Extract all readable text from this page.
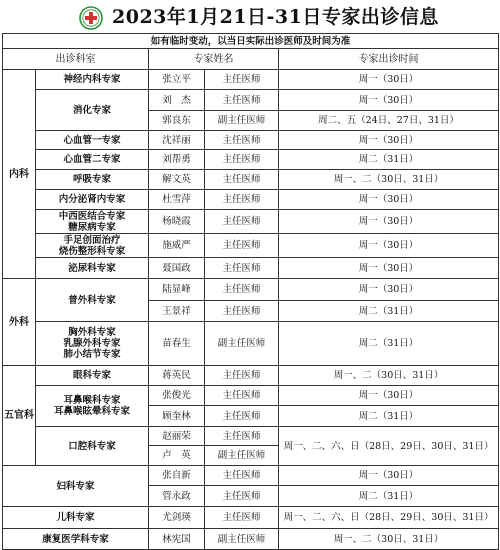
2023年1月21日-31日专家出诊信息
如有临时变动，以当日实际出诊医师及时间为准				
出诊科室		专家姓名		专家出诊时间
内科	神经内科专家	张立平	主任医师	周一（30日）
	消化专家	刘　杰	主任医师	周一（30日）
		郭良东	副主任医师	周二、五（24日、27日、31日）
	心血管一专家	沈祥丽	主任医师	周一（30日）
	心血管二专家	刘帮勇	主任医师	周二（31日）
	呼吸专家	解文英	主任医师	周一、二（30日、31日）
	内分泌肾内专家	杜雪萍	主任医师	周一（30日）
	中西医结合专家
糖尿病专家	杨晓霞	主任医师	周一（30日）
	手足创面治疗
烧伤整形科专家	施威严	主任医师	周一（30日）
	泌尿科专家	聂国政	主任医师	周一（30日）
外科	普外科专家	陆显峰	主任医师	周一（30日）
		王景祥	主任医师	周二（31日）
	胸外科专家
乳腺外科专家
肺小结节专家	苗春生	副主任医师	周二（31日）
五官科	眼科专家	蒋英民	主任医师	周一、二（30日、31日）
	耳鼻喉科专家
耳鼻喉眩晕科专家	张俊光	主任医师	周一（30日）
		顾奎林	主任医师	周二（31日）
	口腔科专家	赵丽荣	主任医师	周一、二、六、日（28日、29日、30日、31日）
		卢　英	副主任医师	
妇科专家		张自新	主任医师	周一（30日）
		管永政	主任医师	周二（31日）
儿科专家		尤剑瑛	主任医师	周一、二、六、日（28日、29日、30日、31日）
康复医学科专家		林宪国	副主任医师	周一、二（30日、31日）
